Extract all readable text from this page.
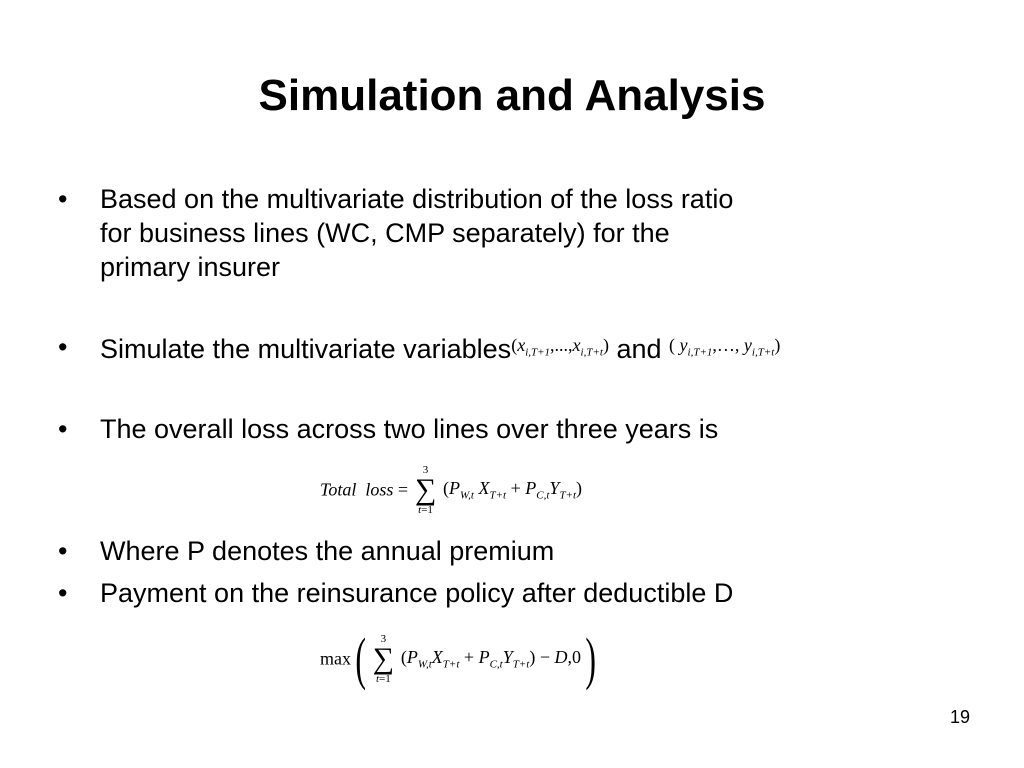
Simulation and Analysis
•	Based on the multivariate distribution of the loss ratio
for business lines (WC, CMP separately) for the
primary insurer
•	Simulate the multivariate $variables(x_{i,T+1},...,x_{i,T+t})$ and ( $y_{i,T+1},\dots$, $y_{i,T+t}$)
•	The overall loss across two lines over three years is
Total  loss =
3
∑
t=1
($P_{W,t}$ $X_{T+t} + P_{C,t}Y_{T+t}$)
•	Where P denotes the annual premium
•	Payment on the reinsurance policy after deductible D
max(	3
∑
t=1
$(P_{W,t}X_{T+t} + P_{C,t}Y_{T+t}) - D,0$)
19
